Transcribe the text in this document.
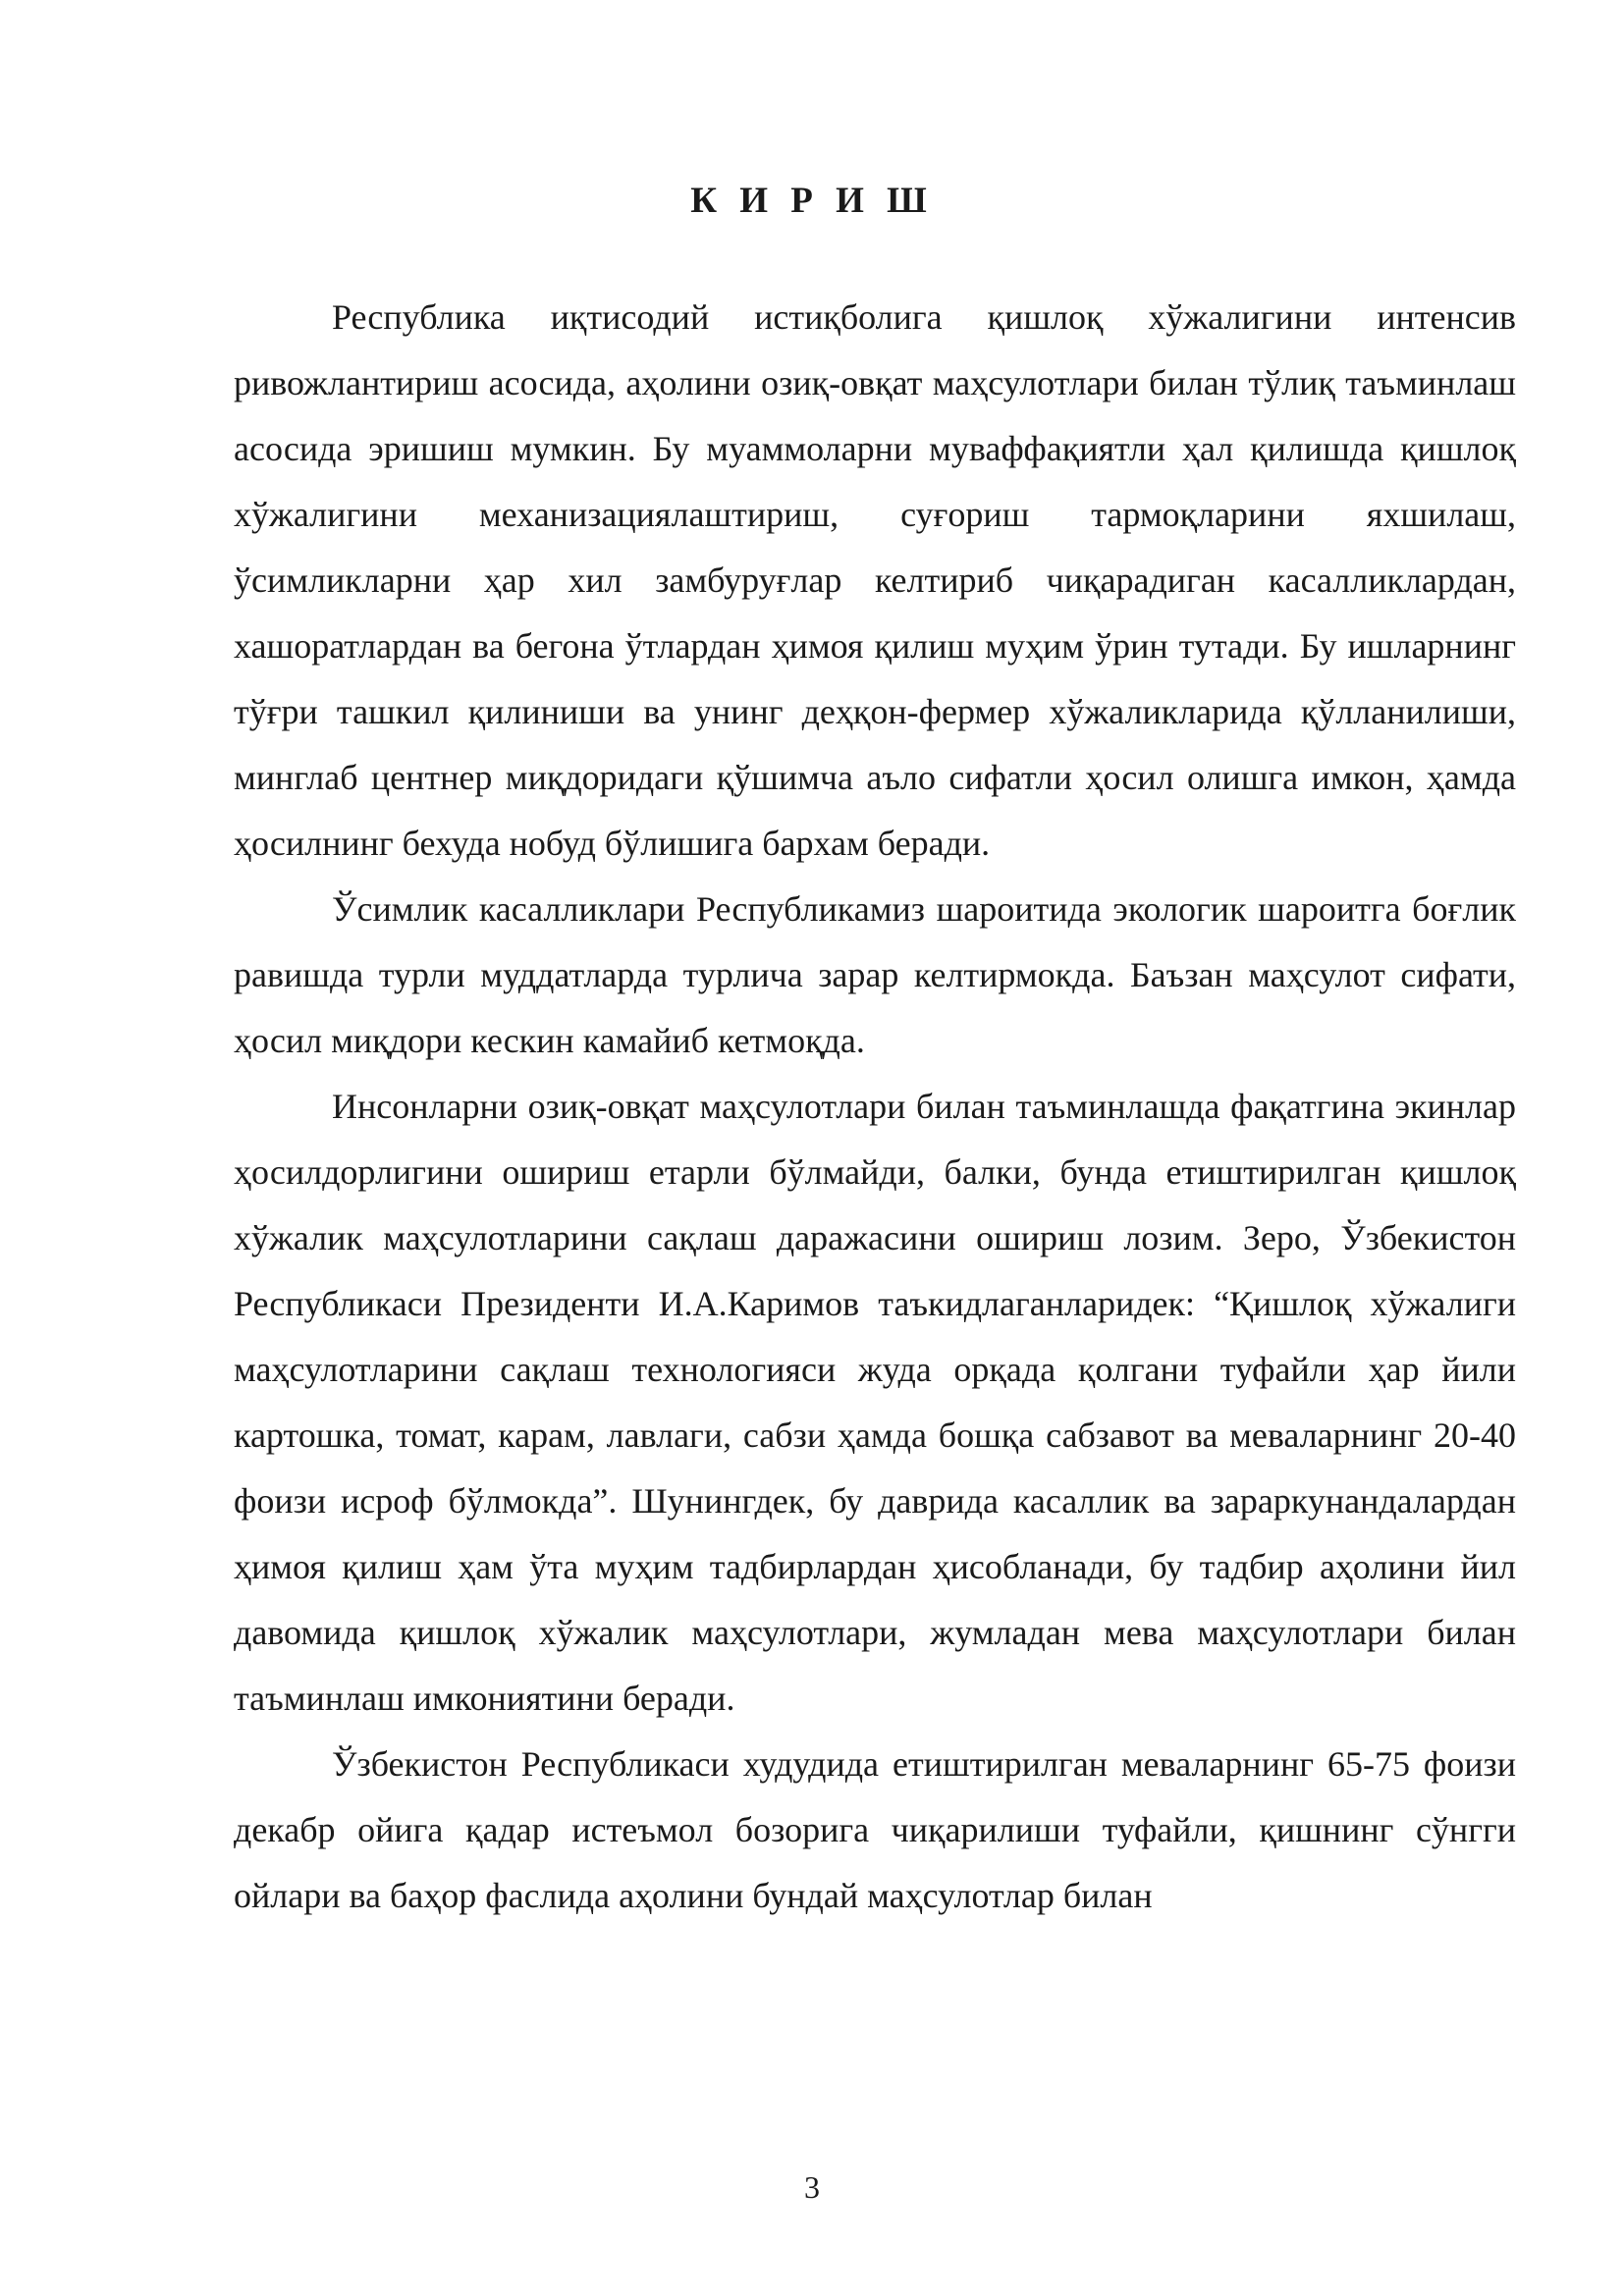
К И Р И Ш

Республика иқтисодий истиқболига қишлоқ хўжалигини интенсив ривожлантириш асосида, аҳолини озиқ-овқат маҳсулотлари билан тўлиқ таъминлаш асосида эришиш мумкин. Бу муаммоларни муваффақиятли ҳал қилишда қишлоқ хўжалигини механизациялаштириш, суғориш тармоқларини яхшилаш, ўсимликларни ҳар хил замбуруғлар келтириб чиқарадиган касалликлардан, хашоратлардан ва бегона ўтлардан ҳимоя қилиш муҳим ўрин тутади. Бу ишларнинг тўғри ташкил қилиниши ва унинг деҳқон-фермер хўжаликларида қўлланилиши, минглаб центнер миқдоридаги қўшимча аъло сифатли ҳосил олишга имкон, ҳамда ҳосилнинг бехуда нобуд бўлишига бархам беради.

Ўсимлик касалликлари Республикамиз шароитида экологик шароитга боғлик равишда турли муддатларда турлича зарар келтирмокда. Баъзан маҳсулот сифати, ҳосил миқдори кескин камайиб кетмоқда.

Инсонларни озиқ-овқат маҳсулотлари билан таъминлашда фақатгина экинлар ҳосилдорлигини ошириш етарли бўлмайди, балки, бунда етиштирилган қишлоқ хўжалик маҳсулотларини сақлаш даражасини ошириш лозим. Зеро, Ўзбекистон Республикаси Президенти И.А.Каримов таъкидлаганларидек: “Қишлоқ хўжалиги маҳсулотларини сақлаш технологияси жуда орқада қолгани туфайли ҳар йили картошка, томат, карам, лавлаги, сабзи ҳамда бошқа сабзавот ва меваларнинг 20-40 фоизи исроф бўлмокда”. Шунингдек, бу даврида касаллик ва зараркунандалардан ҳимоя қилиш ҳам ўта муҳим тадбирлардан ҳисобланади, бу тадбир аҳолини йил давомида қишлоқ хўжалик маҳсулотлари, жумладан мева маҳсулотлари билан таъминлаш имкониятини беради.

Ўзбекистон Республикаси худудида етиштирилган меваларнинг 65-75 фоизи декабр ойига қадар истеъмол бозорига чиқарилиши туфайли, қишнинг сўнгги ойлари ва баҳор фаслида аҳолини бундай маҳсулотлар билан

3
